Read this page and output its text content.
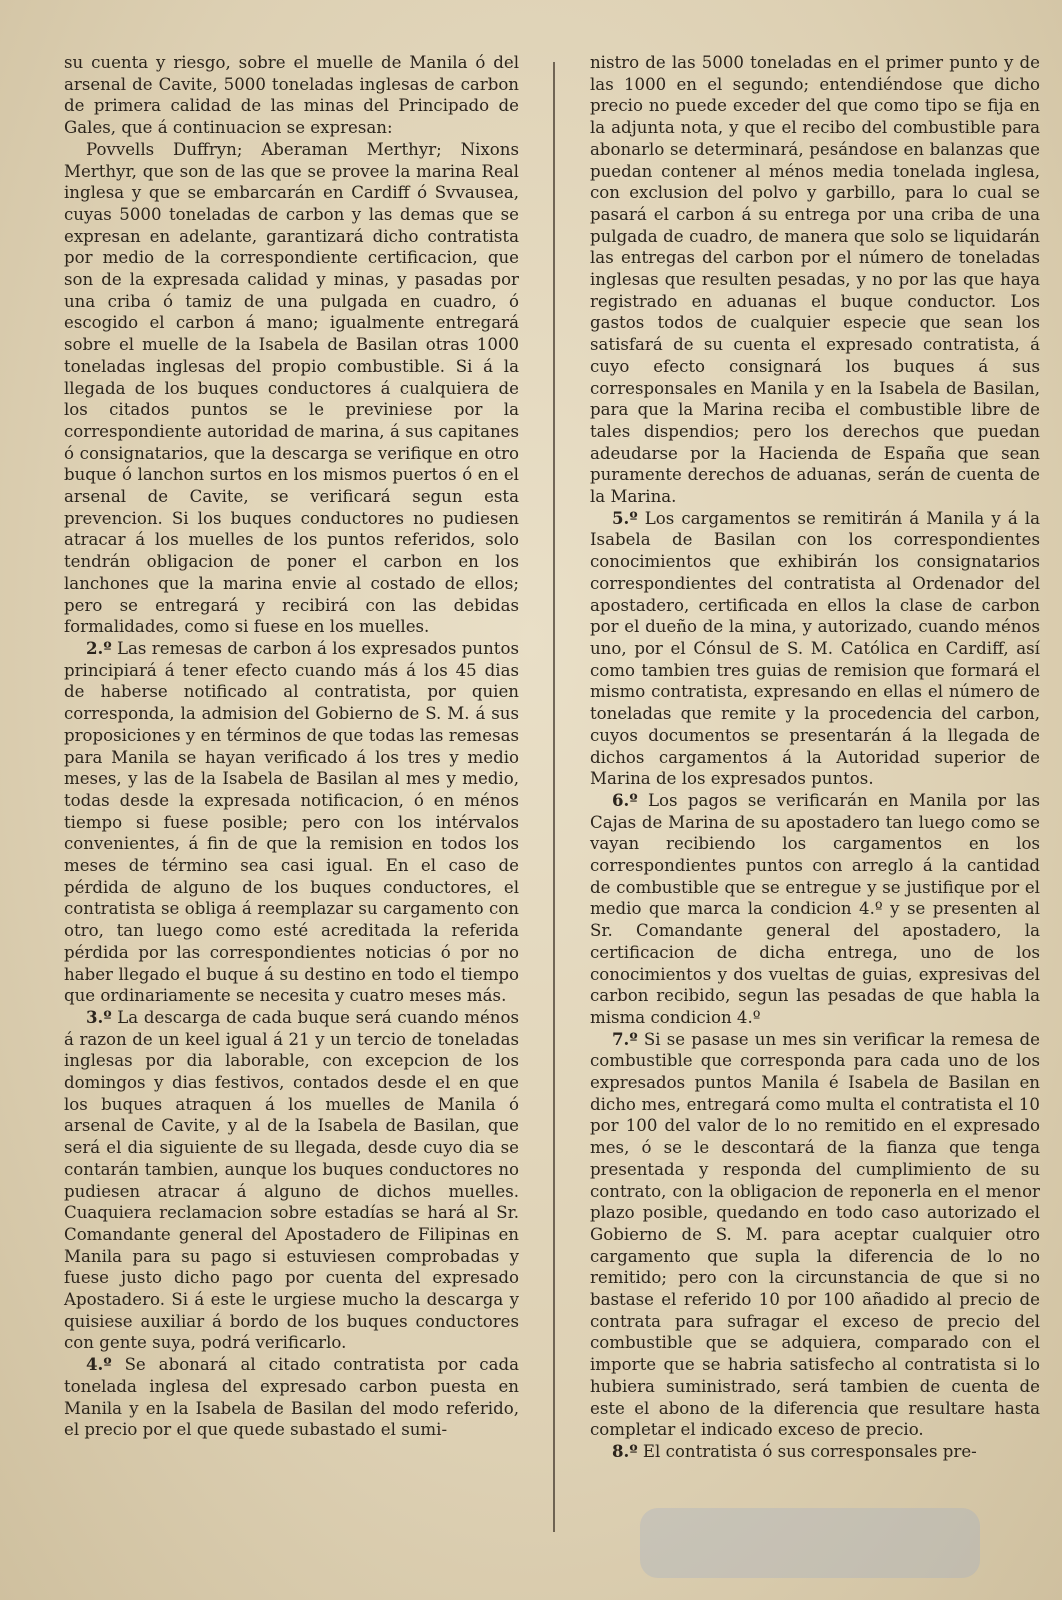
su cuenta y riesgo, sobre el muelle de Manila ó del arsenal de Cavite, 5000 toneladas inglesas de carbon de primera calidad de las minas del Principado de Gales, que á continuacion se expresan:

Povvells Duffryn; Aberaman Merthyr; Nixons Merthyr, que son de las que se provee la marina Real inglesa y que se embarcarán en Cardiff ó Svvausea, cuyas 5000 toneladas de carbon y las demas que se expresan en adelante, garantizará dicho contratista por medio de la correspondiente certificacion, que son de la expresada calidad y minas, y pasadas por una criba ó tamiz de una pulgada en cuadro, ó escogido el carbon á mano; igualmente entregará sobre el muelle de la Isabela de Basilan otras 1000 toneladas inglesas del propio combustible. Si á la llegada de los buques conductores á cualquiera de los citados puntos se le previniese por la correspondiente autoridad de marina, á sus capitanes ó consignatarios, que la descarga se verifique en otro buque ó lanchon surtos en los mismos puertos ó en el arsenal de Cavite, se verificará segun esta prevencion. Si los buques conductores no pudiesen atracar á los muelles de los puntos referidos, solo tendrán obligacion de poner el carbon en los lanchones que la marina envie al costado de ellos; pero se entregará y recibirá con las debidas formalidades, como si fuese en los muelles.

2.º Las remesas de carbon á los expresados puntos principiará á tener efecto cuando más á los 45 dias de haberse notificado al contratista, por quien corresponda, la admision del Gobierno de S. M. á sus proposiciones y en términos de que todas las remesas para Manila se hayan verificado á los tres y medio meses, y las de la Isabela de Basilan al mes y medio, todas desde la expresada notificacion, ó en ménos tiempo si fuese posible; pero con los intérvalos convenientes, á fin de que la remision en todos los meses de término sea casi igual. En el caso de pérdida de alguno de los buques conductores, el contratista se obliga á reemplazar su cargamento con otro, tan luego como esté acreditada la referida pérdida por las correspondientes noticias ó por no haber llegado el buque á su destino en todo el tiempo que ordinariamente se necesita y cuatro meses más.

3.º La descarga de cada buque será cuando ménos á razon de un keel igual á 21 y un tercio de toneladas inglesas por dia laborable, con excepcion de los domingos y dias festivos, contados desde el en que los buques atraquen á los muelles de Manila ó arsenal de Cavite, y al de la Isabela de Basilan, que será el dia siguiente de su llegada, desde cuyo dia se contarán tambien, aunque los buques conductores no pudiesen atracar á alguno de dichos muelles. Cuaquiera reclamacion sobre estadías se hará al Sr. Comandante general del Apostadero de Filipinas en Manila para su pago si estuviesen comprobadas y fuese justo dicho pago por cuenta del expresado Apostadero. Si á este le urgiese mucho la descarga y quisiese auxiliar á bordo de los buques conductores con gente suya, podrá verificarlo.

4.º Se abonará al citado contratista por cada tonelada inglesa del expresado carbon puesta en Manila y en la Isabela de Basilan del modo referido, el precio por el que quede subastado el sumi-

nistro de las 5000 toneladas en el primer punto y de las 1000 en el segundo; entendiéndose que dicho precio no puede exceder del que como tipo se fija en la adjunta nota, y que el recibo del combustible para abonarlo se determinará, pesándose en balanzas que puedan contener al ménos media tonelada inglesa, con exclusion del polvo y garbillo, para lo cual se pasará el carbon á su entrega por una criba de una pulgada de cuadro, de manera que solo se liquidarán las entregas del carbon por el número de toneladas inglesas que resulten pesadas, y no por las que haya registrado en aduanas el buque conductor. Los gastos todos de cualquier especie que sean los satisfará de su cuenta el expresado contratista, á cuyo efecto consignará los buques á sus corresponsales en Manila y en la Isabela de Basilan, para que la Marina reciba el combustible libre de tales dispendios; pero los derechos que puedan adeudarse por la Hacienda de España que sean puramente derechos de aduanas, serán de cuenta de la Marina.

5.º Los cargamentos se remitirán á Manila y á la Isabela de Basilan con los correspondientes conocimientos que exhibirán los consignatarios correspondientes del contratista al Ordenador del apostadero, certificada en ellos la clase de carbon por el dueño de la mina, y autorizado, cuando ménos uno, por el Cónsul de S. M. Católica en Cardiff, así como tambien tres guias de remision que formará el mismo contratista, expresando en ellas el número de toneladas que remite y la procedencia del carbon, cuyos documentos se presentarán á la llegada de dichos cargamentos á la Autoridad superior de Marina de los expresados puntos.

6.º Los pagos se verificarán en Manila por las Cajas de Marina de su apostadero tan luego como se vayan recibiendo los cargamentos en los correspondientes puntos con arreglo á la cantidad de combustible que se entregue y se justifique por el medio que marca la condicion 4.º y se presenten al Sr. Comandante general del apostadero, la certificacion de dicha entrega, uno de los conocimientos y dos vueltas de guias, expresivas del carbon recibido, segun las pesadas de que habla la misma condicion 4.º

7.º Si se pasase un mes sin verificar la remesa de combustible que corresponda para cada uno de los expresados puntos Manila é Isabela de Basilan en dicho mes, entregará como multa el contratista el 10 por 100 del valor de lo no remitido en el expresado mes, ó se le descontará de la fianza que tenga presentada y responda del cumplimiento de su contrato, con la obligacion de reponerla en el menor plazo posible, quedando en todo caso autorizado el Gobierno de S. M. para aceptar cualquier otro cargamento que supla la diferencia de lo no remitido; pero con la circunstancia de que si no bastase el referido 10 por 100 añadido al precio de contrata para sufragar el exceso de precio del combustible que se adquiera, comparado con el importe que se habria satisfecho al contratista si lo hubiera suministrado, será tambien de cuenta de este el abono de la diferencia que resultare hasta completar el indicado exceso de precio.

8.º El contratista ó sus corresponsales pre-
